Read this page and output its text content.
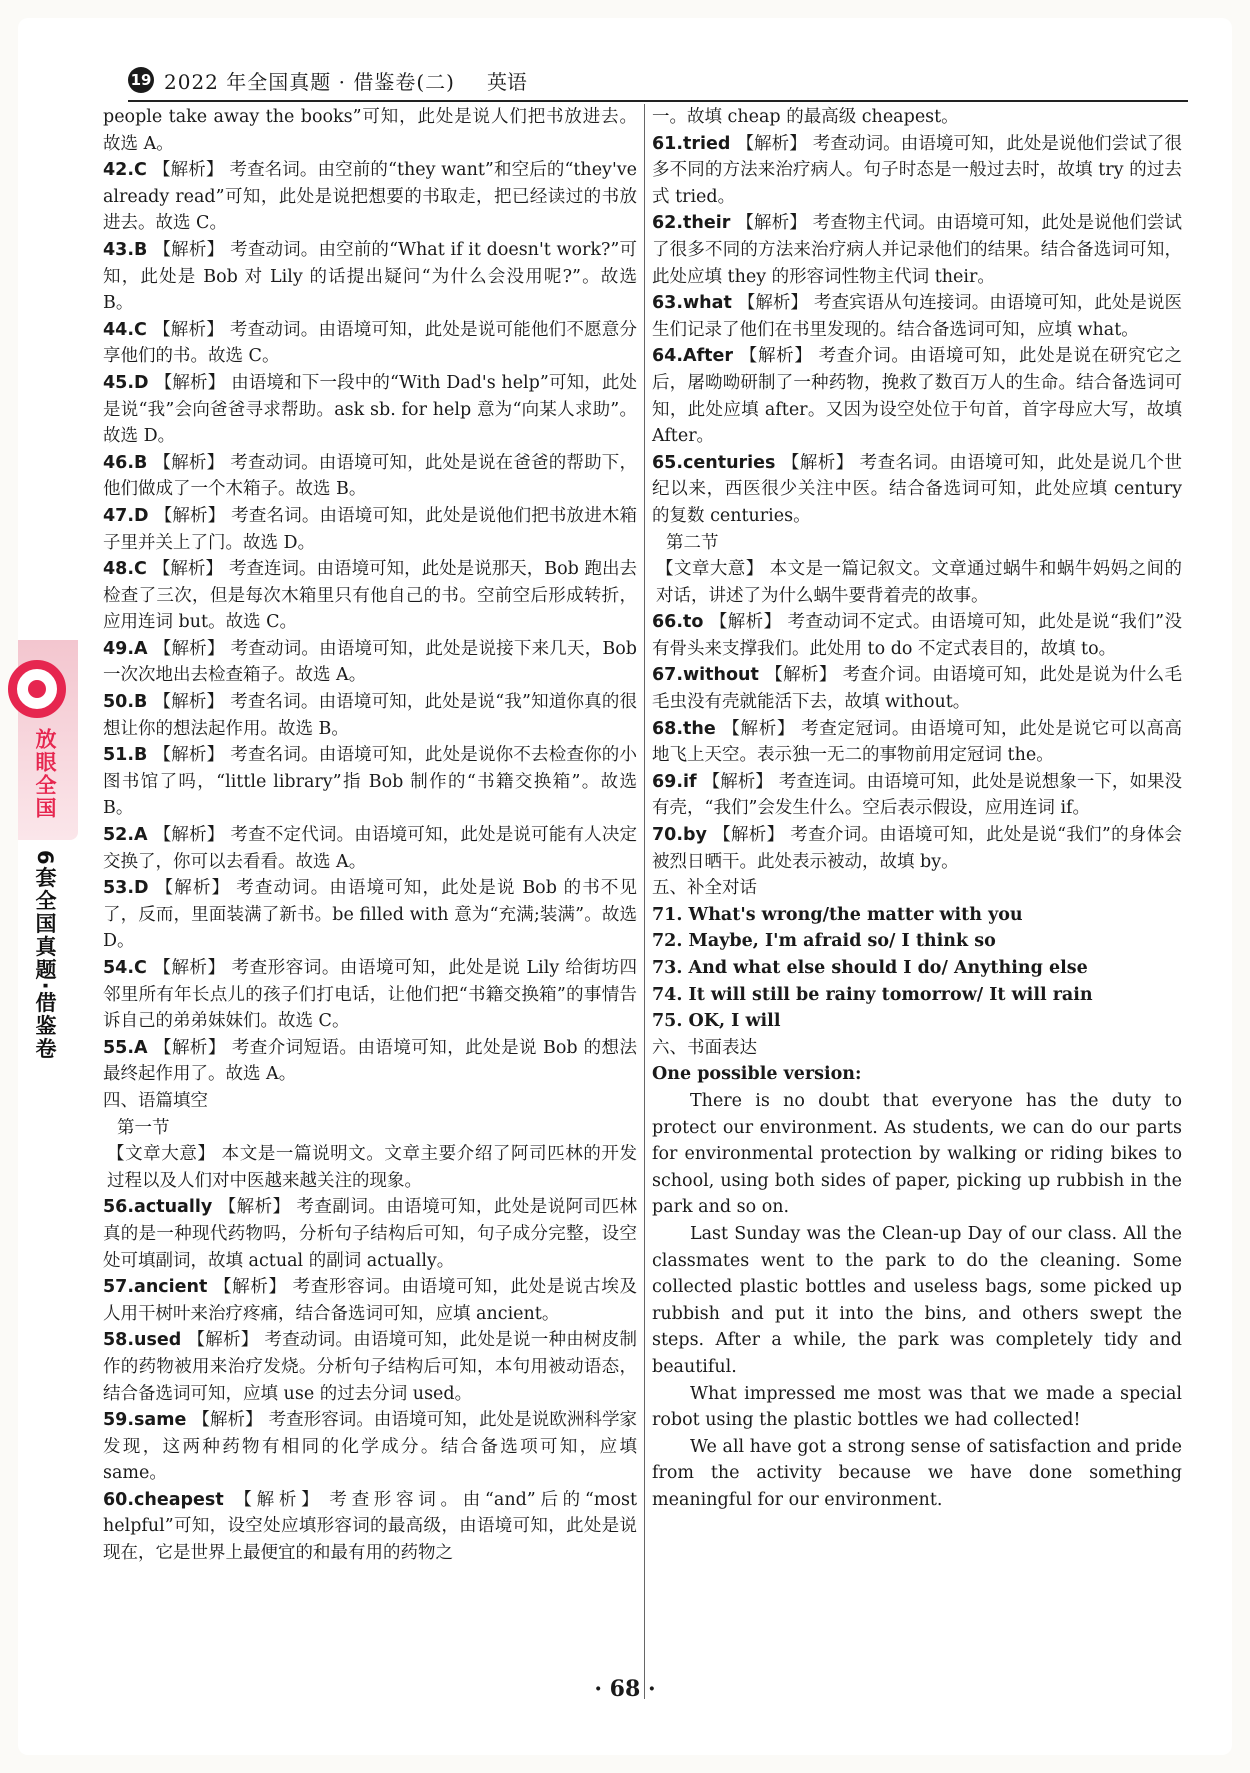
19 2022 年全国真题 · 借鉴卷(二) 英语
放眼全国
6套全国真题·借鉴卷

people take away the books”可知，此处是说人们把书放进去。故选 A。

42.C 【解析】 考查名词。由空前的“they want”和空后的“they've already read”可知，此处是说把想要的书取走，把已经读过的书放进去。故选 C。

43.B 【解析】 考查动词。由空前的“What if it doesn't work?”可知，此处是 Bob 对 Lily 的话提出疑问“为什么会没用呢?”。故选 B。

44.C 【解析】 考查动词。由语境可知，此处是说可能他们不愿意分享他们的书。故选 C。

45.D 【解析】 由语境和下一段中的“With Dad's help”可知，此处是说“我”会向爸爸寻求帮助。ask sb. for help 意为“向某人求助”。故选 D。

46.B 【解析】 考查动词。由语境可知，此处是说在爸爸的帮助下，他们做成了一个木箱子。故选 B。

47.D 【解析】 考查名词。由语境可知，此处是说他们把书放进木箱子里并关上了门。故选 D。

48.C 【解析】 考查连词。由语境可知，此处是说那天，Bob 跑出去检查了三次，但是每次木箱里只有他自己的书。空前空后形成转折，应用连词 but。故选 C。

49.A 【解析】 考查动词。由语境可知，此处是说接下来几天，Bob 一次次地出去检查箱子。故选 A。

50.B 【解析】 考查名词。由语境可知，此处是说“我”知道你真的很想让你的想法起作用。故选 B。

51.B 【解析】 考查名词。由语境可知，此处是说你不去检查你的小图书馆了吗，“little library”指 Bob 制作的“书籍交换箱”。故选 B。

52.A 【解析】 考查不定代词。由语境可知，此处是说可能有人决定交换了，你可以去看看。故选 A。

53.D 【解析】 考查动词。由语境可知，此处是说 Bob 的书不见了，反而，里面装满了新书。be filled with 意为“充满;装满”。故选 D。

54.C 【解析】 考查形容词。由语境可知，此处是说 Lily 给街坊四邻里所有年长点儿的孩子们打电话，让他们把“书籍交换箱”的事情告诉自己的弟弟妹妹们。故选 C。

55.A 【解析】 考查介词短语。由语境可知，此处是说 Bob 的想法最终起作用了。故选 A。

四、语篇填空

第一节

【文章大意】 本文是一篇说明文。文章主要介绍了阿司匹林的开发过程以及人们对中医越来越关注的现象。

56.actually 【解析】 考查副词。由语境可知，此处是说阿司匹林真的是一种现代药物吗，分析句子结构后可知，句子成分完整，设空处可填副词，故填 actual 的副词 actually。

57.ancient 【解析】 考查形容词。由语境可知，此处是说古埃及人用干树叶来治疗疼痛，结合备选词可知，应填 ancient。

58.used 【解析】 考查动词。由语境可知，此处是说一种由树皮制作的药物被用来治疗发烧。分析句子结构后可知，本句用被动语态，结合备选词可知，应填 use 的过去分词 used。

59.same 【解析】 考查形容词。由语境可知，此处是说欧洲科学家发现，这两种药物有相同的化学成分。结合备选项可知，应填 same。

60.cheapest 【解析】 考查形容词。由“and”后的“most helpful”可知，设空处应填形容词的最高级，由语境可知，此处是说现在，它是世界上最便宜的和最有用的药物之

一。故填 cheap 的最高级 cheapest。

61.tried 【解析】 考查动词。由语境可知，此处是说他们尝试了很多不同的方法来治疗病人。句子时态是一般过去时，故填 try 的过去式 tried。

62.their 【解析】 考查物主代词。由语境可知，此处是说他们尝试了很多不同的方法来治疗病人并记录他们的结果。结合备选词可知，此处应填 they 的形容词性物主代词 their。

63.what 【解析】 考查宾语从句连接词。由语境可知，此处是说医生们记录了他们在书里发现的。结合备选词可知，应填 what。

64.After 【解析】 考查介词。由语境可知，此处是说在研究它之后，屠呦呦研制了一种药物，挽救了数百万人的生命。结合备选词可知，此处应填 after。又因为设空处位于句首，首字母应大写，故填 After。

65.centuries 【解析】 考查名词。由语境可知，此处是说几个世纪以来，西医很少关注中医。结合备选词可知，此处应填 century 的复数 centuries。

第二节

【文章大意】 本文是一篇记叙文。文章通过蜗牛和蜗牛妈妈之间的对话，讲述了为什么蜗牛要背着壳的故事。

66.to 【解析】 考查动词不定式。由语境可知，此处是说“我们”没有骨头来支撑我们。此处用 to do 不定式表目的，故填 to。

67.without 【解析】 考查介词。由语境可知，此处是说为什么毛毛虫没有壳就能活下去，故填 without。

68.the 【解析】 考查定冠词。由语境可知，此处是说它可以高高地飞上天空。表示独一无二的事物前用定冠词 the。

69.if 【解析】 考查连词。由语境可知，此处是说想象一下，如果没有壳，“我们”会发生什么。空后表示假设，应用连词 if。

70.by 【解析】 考查介词。由语境可知，此处是说“我们”的身体会被烈日晒干。此处表示被动，故填 by。

五、补全对话

71. What's wrong/the matter with you

72. Maybe, I'm afraid so/ I think so

73. And what else should I do/ Anything else

74. It will still be rainy tomorrow/ It will rain

75. OK, I will

六、书面表达

One possible version:

There is no doubt that everyone has the duty to protect our environment. As students, we can do our parts for environmental protection by walking or riding bikes to school, using both sides of paper, picking up rubbish in the park and so on.

Last Sunday was the Clean-up Day of our class. All the classmates went to the park to do the cleaning. Some collected plastic bottles and useless bags, some picked up rubbish and put it into the bins, and others swept the steps. After a while, the park was completely tidy and beautiful.

What impressed me most was that we made a special robot using the plastic bottles we had collected!

We all have got a strong sense of satisfaction and pride from the activity because we have done something meaningful for our environment.

· 68 ·
